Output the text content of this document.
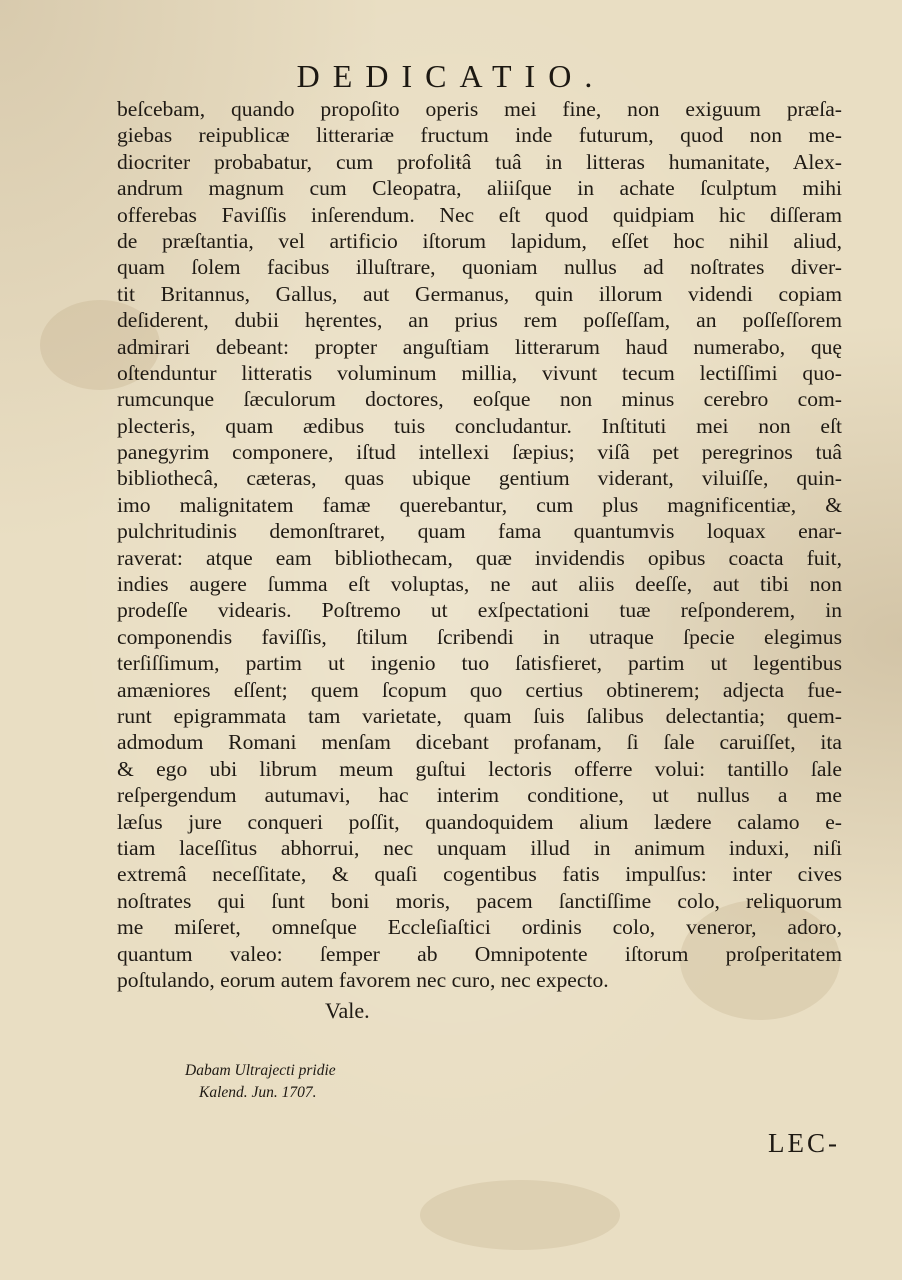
DEDICATIO.
beſcebam, quando propoſito operis mei fine, non exiguum præſa-
giebas reipublicæ litterariæ fructum inde futurum, quod non me-
diocriter probabatur, cum profoliŧâ tuâ in litteras humanitate, Alex-
andrum magnum cum Cleopatra, aliiſque in achate ſculptum mihi
offerebas Faviſſis inſerendum. Nec eſt quod quidpiam hic diſſeram
de præſtantia, vel artificio iſtorum lapidum, eſſet hoc nihil aliud,
quam ſolem facibus illuſtrare, quoniam nullus ad noſtrates diver-
tit Britannus, Gallus, aut Germanus, quin illorum videndi copiam
deſiderent, dubii hęrentes, an prius rem poſſeſſam, an poſſeſſorem
admirari debeant: propter anguſtiam litterarum haud numerabo, quę
oſtenduntur litteratis voluminum millia, vivunt tecum lectiſſimi quo-
rumcunque ſæculorum doctores, eoſque non minus cerebro com-
plecteris, quam ædibus tuis concludantur. Inſtituti mei non eſt
panegyrim componere, iſtud intellexi ſæpius; viſâ pet peregrinos tuâ
bibliothecâ, cæteras, quas ubique gentium viderant, viluiſſe, quin-
imo malignitatem famæ querebantur, cum plus magnificentiæ, &
pulchritudinis demonſtraret, quam fama quantumvis loquax enar-
raverat: atque eam bibliothecam, quæ invidendis opibus coacta fuit,
indies augere ſumma eſt voluptas, ne aut aliis deeſſe, aut tibi non
prodeſſe videaris. Poſtremo ut exſpectationi tuæ reſponderem, in
componendis faviſſis, ſtilum ſcribendi in utraque ſpecie elegimus
terſiſſimum, partim ut ingenio tuo ſatisfieret, partim ut legentibus
amæniores eſſent; quem ſcopum quo certius obtinerem; adjecta fue-
runt epigrammata tam varietate, quam ſuis ſalibus delectantia; quem-
admodum Romani menſam dicebant profanam, ſi ſale caruiſſet, ita
& ego ubi librum meum guſtui lectoris offerre volui: tantillo ſale
reſpergendum autumavi, hac interim conditione, ut nullus a me
læſus jure conqueri poſſit, quandoquidem alium lædere calamo e-
tiam laceſſitus abhorrui, nec unquam illud in animum induxi, niſi
extremâ neceſſitate, & quaſi cogentibus fatis impulſus: inter cives
noſtrates qui ſunt boni moris, pacem ſanctiſſime colo, reliquorum
me miſeret, omneſque Eccleſiaſtici ordinis colo, veneror, adoro,
quantum valeo: ſemper ab Omnipotente iſtorum proſperitatem
poſtulando, eorum autem favorem nec curo, nec expecto.
Vale.
Dabam Ultrajecti pridie
Kalend. Jun. 1707.
LEC-
